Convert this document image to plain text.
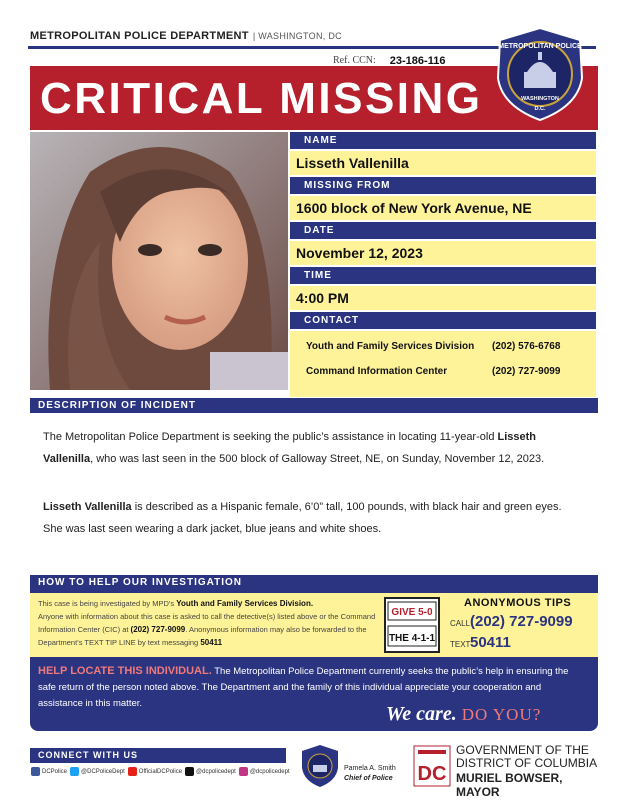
METROPOLITAN POLICE DEPARTMENT | WASHINGTON, DC
Ref. CCN: 23-186-116
CRITICAL MISSING
METROPOLITAN POLICE
WASHINGTON
D.C.
NAME
Lisseth Vallenilla
MISSING FROM
1600 block of New York Avenue, NE
DATE
November 12, 2023
TIME
4:00 PM
CONTACT
Youth and Family Services Division	(202) 576-6768
Command Information Center	(202) 727-9099
DESCRIPTION OF INCIDENT
The Metropolitan Police Department is seeking the public’s assistance in locating 11-year-old Lisseth Vallenilla, who was last seen in the 500 block of Galloway Street, NE, on Sunday, November 12, 2023.
Lisseth Vallenilla is described as a Hispanic female, 6’0” tall, 100 pounds, with black hair and green eyes. She was last seen wearing a dark jacket, blue jeans and white shoes.
HOW TO HELP OUR INVESTIGATION
This case is being investigated by MPD’s Youth and Family Services Division.
Anyone with information about this case is asked to call the detective(s) listed above or the Command Information Center (CIC) at (202) 727-9099. Anonymous information may also be forwarded to the Department’s TEXT TIP LINE by text messaging 50411
GIVE 5-0
THE 4-1-1
ANONYMOUS TIPS
CALL (202) 727-9099
TEXT 50411
HELP LOCATE THIS INDIVIDUAL. The Metropolitan Police Department currently seeks the public’s help in ensuring the safe return of the person noted above. The Department and the family of this individual appreciate your cooperation and assistance in this matter.	We care. DO YOU?
CONNECT WITH US
DCPolice @DCPoliceDept OfficialDCPolice @dcpolicedept @dcpolicedept	Pamela A. Smith
Chief of Police DC
GOVERNMENT OF THE DISTRICT OF COLUMBIA
MURIEL BOWSER, MAYOR
